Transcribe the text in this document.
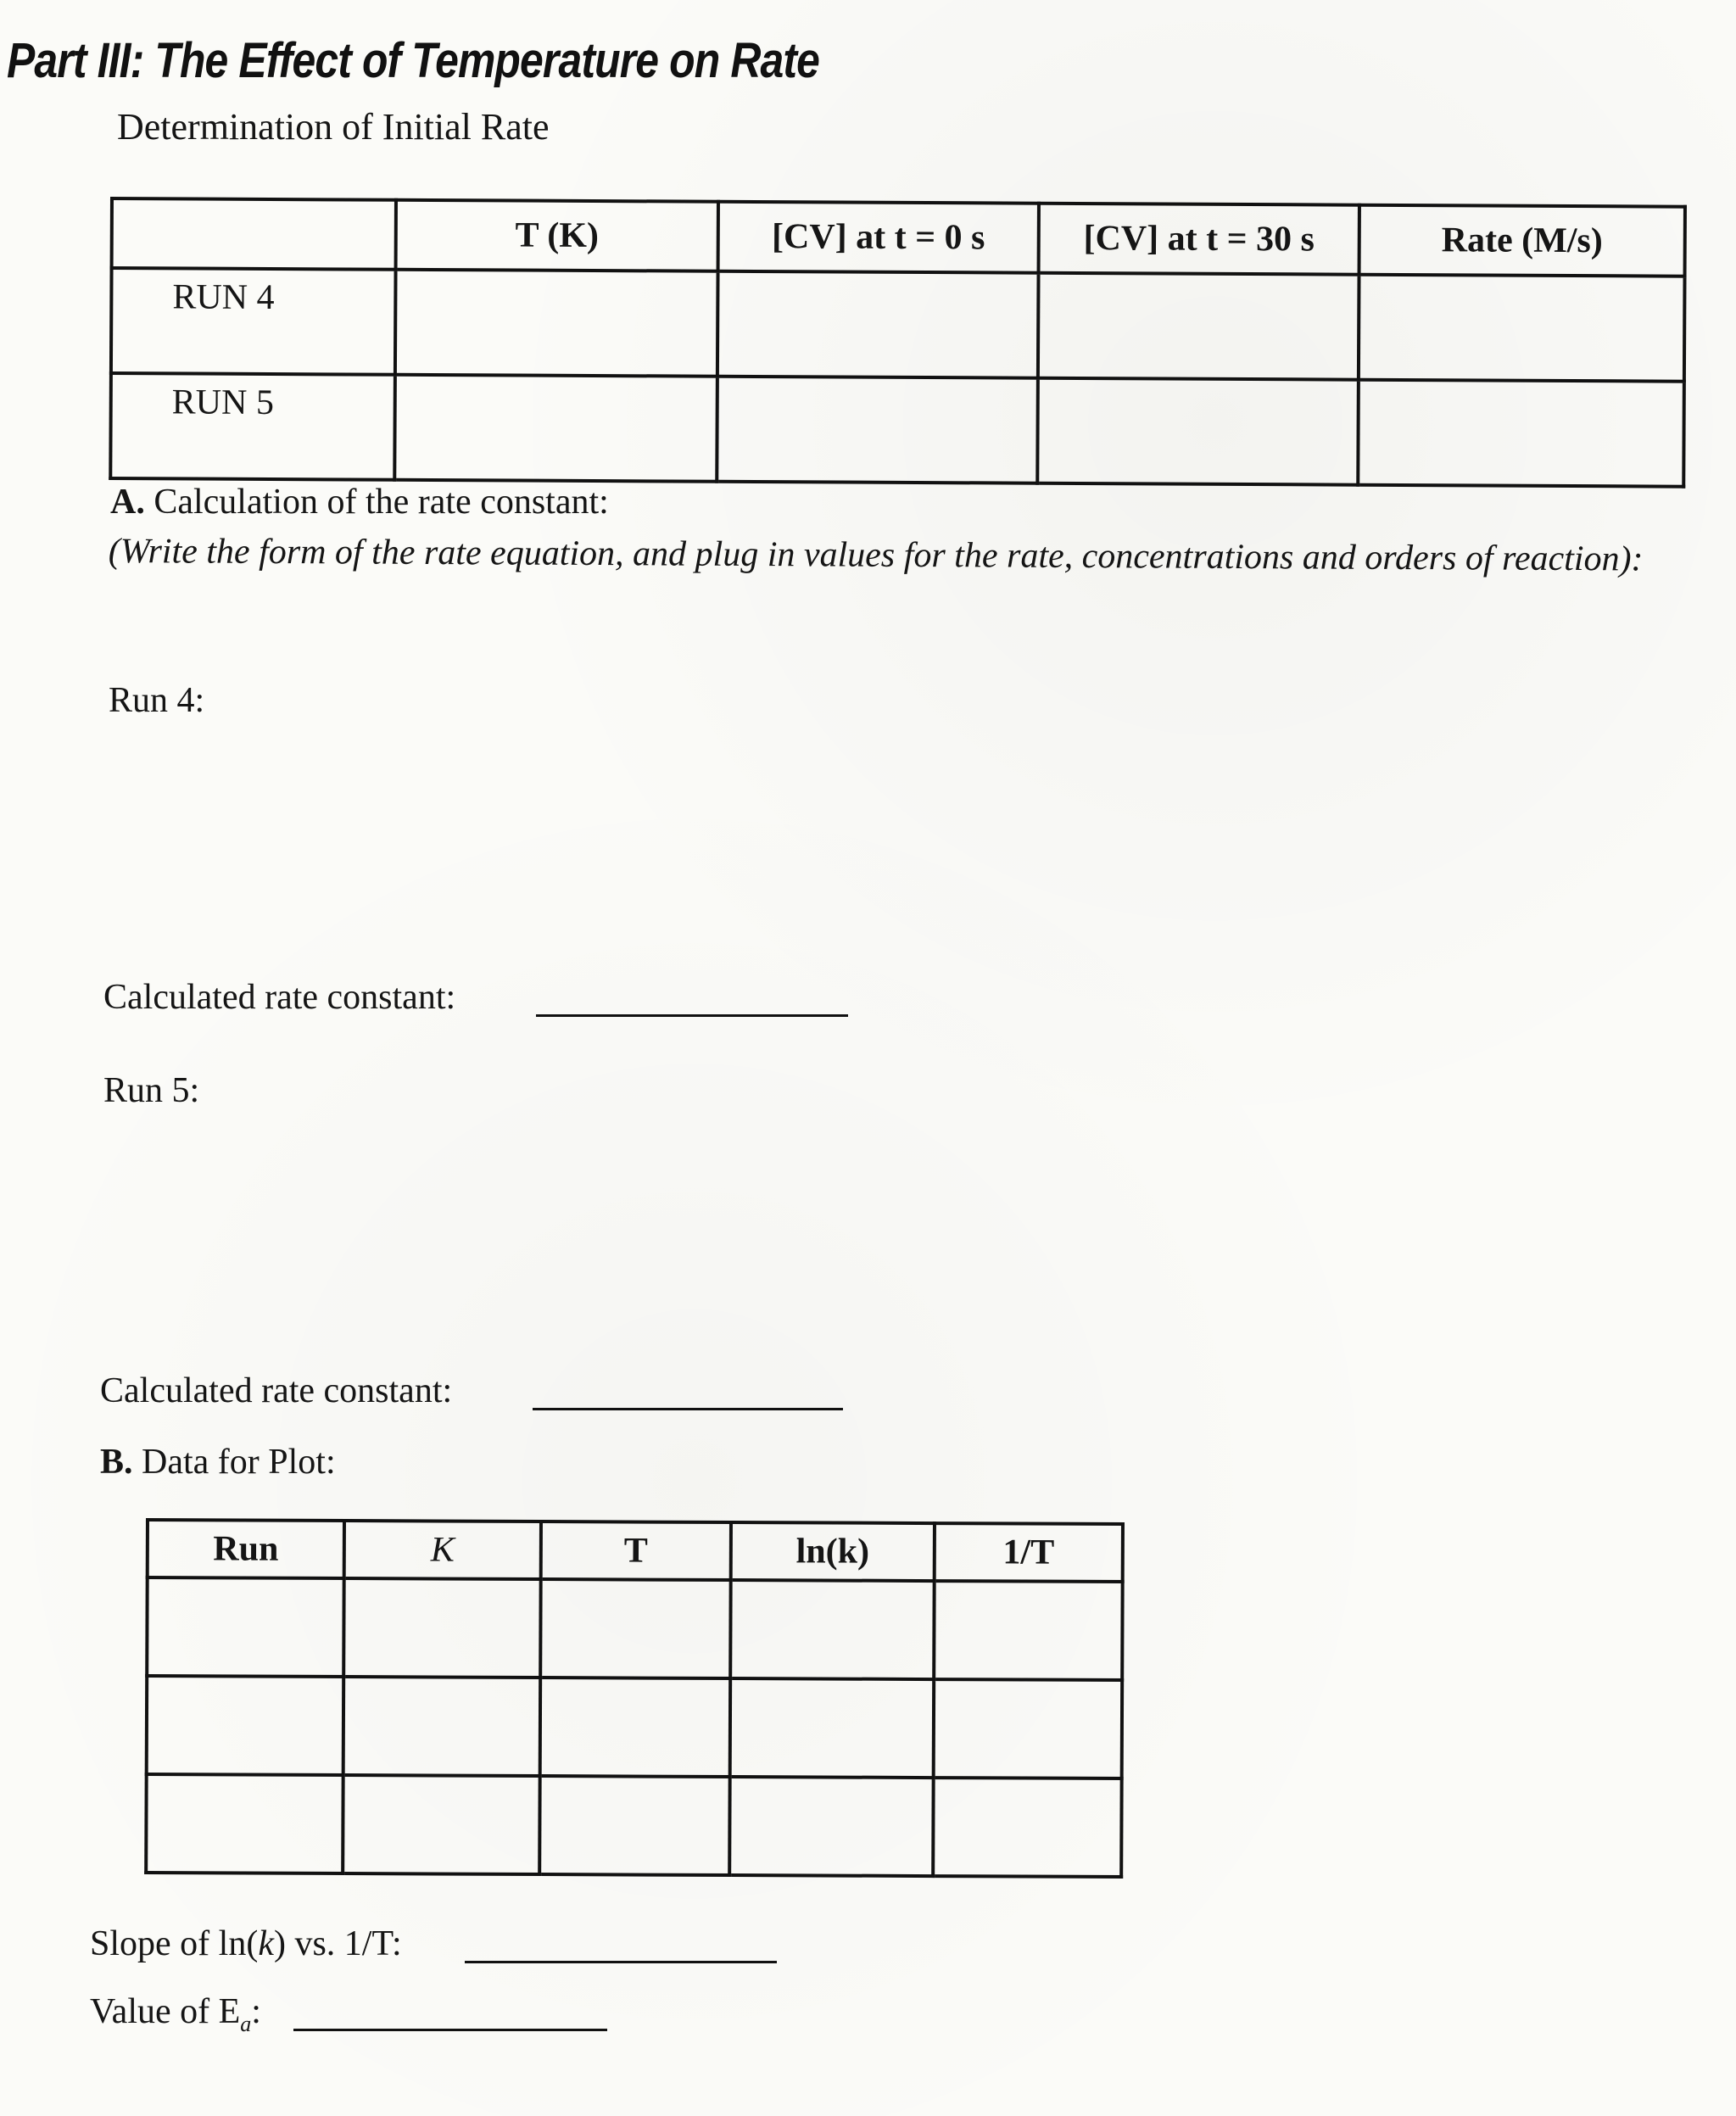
Part III: The Effect of Temperature on Rate
Determination of Initial Rate
	T (K)	[CV] at t = 0 s	[CV] at t = 30 s	Rate (M/s)
RUN 4				
RUN 5				
A. Calculation of the rate constant:
(Write the form of the rate equation, and plug in values for the rate, concentrations and orders of reaction):
Run 4:
Calculated rate constant:
Run 5:
Calculated rate constant:
B. Data for Plot:
Run	K	T	ln(k)	1/T

Slope of ln(k) vs. 1/T:
Value of $E_a$:
